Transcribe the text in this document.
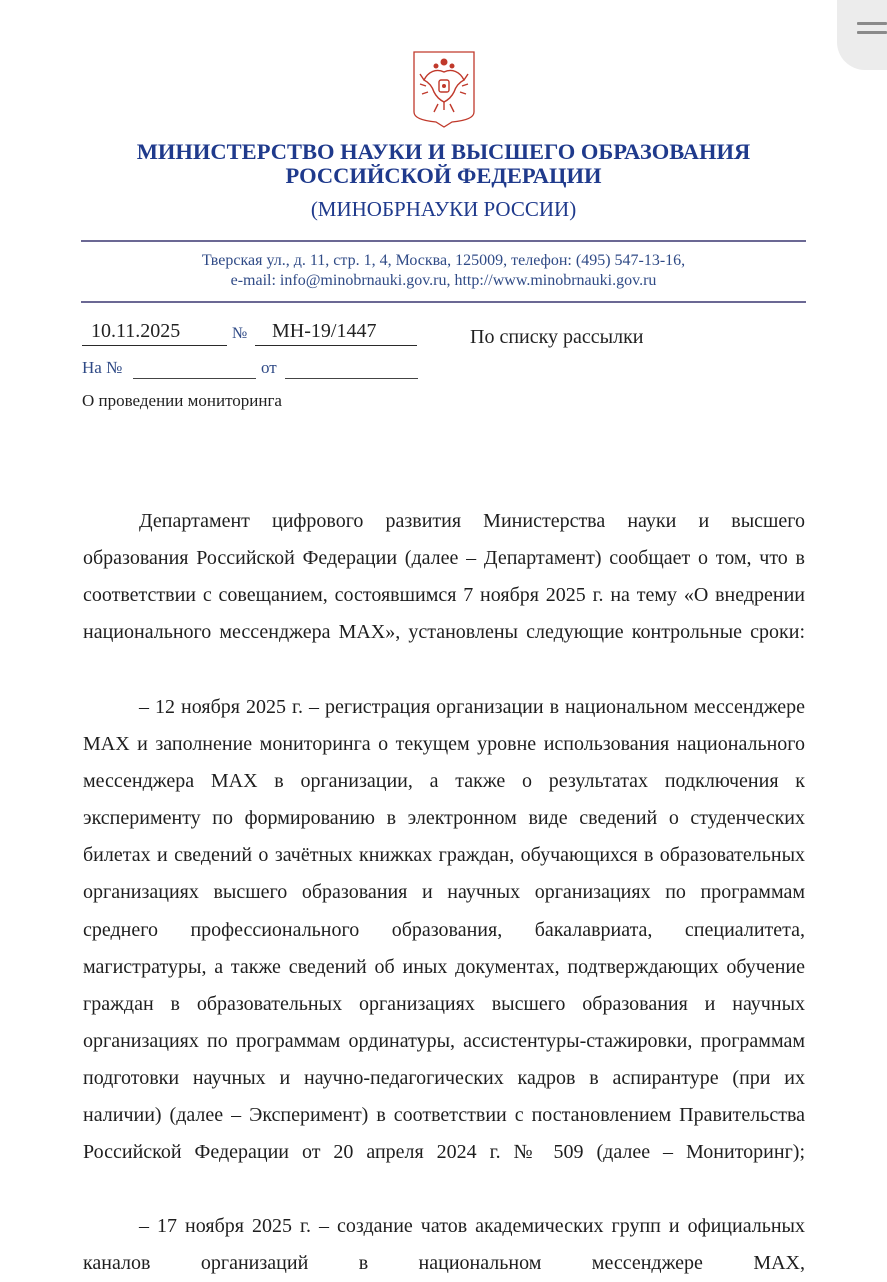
МИНИСТЕРСТВО НАУКИ И ВЫСШЕГО ОБРАЗОВАНИЯ
РОССИЙСКОЙ ФЕДЕРАЦИИ
(МИНОБРНАУКИ РОССИИ)
Тверская ул., д. 11, стр. 1, 4, Москва, 125009, телефон: (495) 547-13-16,
e-mail: info@minobrnauki.gov.ru, http://www.minobrnauki.gov.ru
10.11.2025	№ МН-19/1447	По списку рассылки
На №	от
О проведении мониторинга

Департамент цифрового развития Министерства науки и высшего образования Российской Федерации (далее – Департамент) сообщает о том, что в соответствии с совещанием, состоявшимся 7 ноября 2025 г. на тему «О внедрении национального мессенджера MAX», установлены следующие контрольные сроки:

– 12 ноября 2025 г. – регистрация организации в национальном мессенджере MAX и заполнение мониторинга о текущем уровне использования национального мессенджера MAX в организации, а также о результатах подключения к эксперименту по формированию в электронном виде сведений о студенческих билетах и сведений о зачётных книжках граждан, обучающихся в образовательных организациях высшего образования и научных организациях по программам среднего профессионального образования, бакалавриата, специалитета, магистратуры, а также сведений об иных документах, подтверждающих обучение граждан в образовательных организациях высшего образования и научных организациях по программам ординатуры, ассистентуры-стажировки, программам подготовки научных и научно-педагогических кадров в аспирантуре (при их наличии) (далее – Эксперимент) в соответствии с постановлением Правительства Российской Федерации от 20 апреля 2024 г. № 509 (далее – Мониторинг);

– 17 ноября 2025 г. – создание чатов академических групп и официальных каналов организаций в национальном мессенджере MAX,
